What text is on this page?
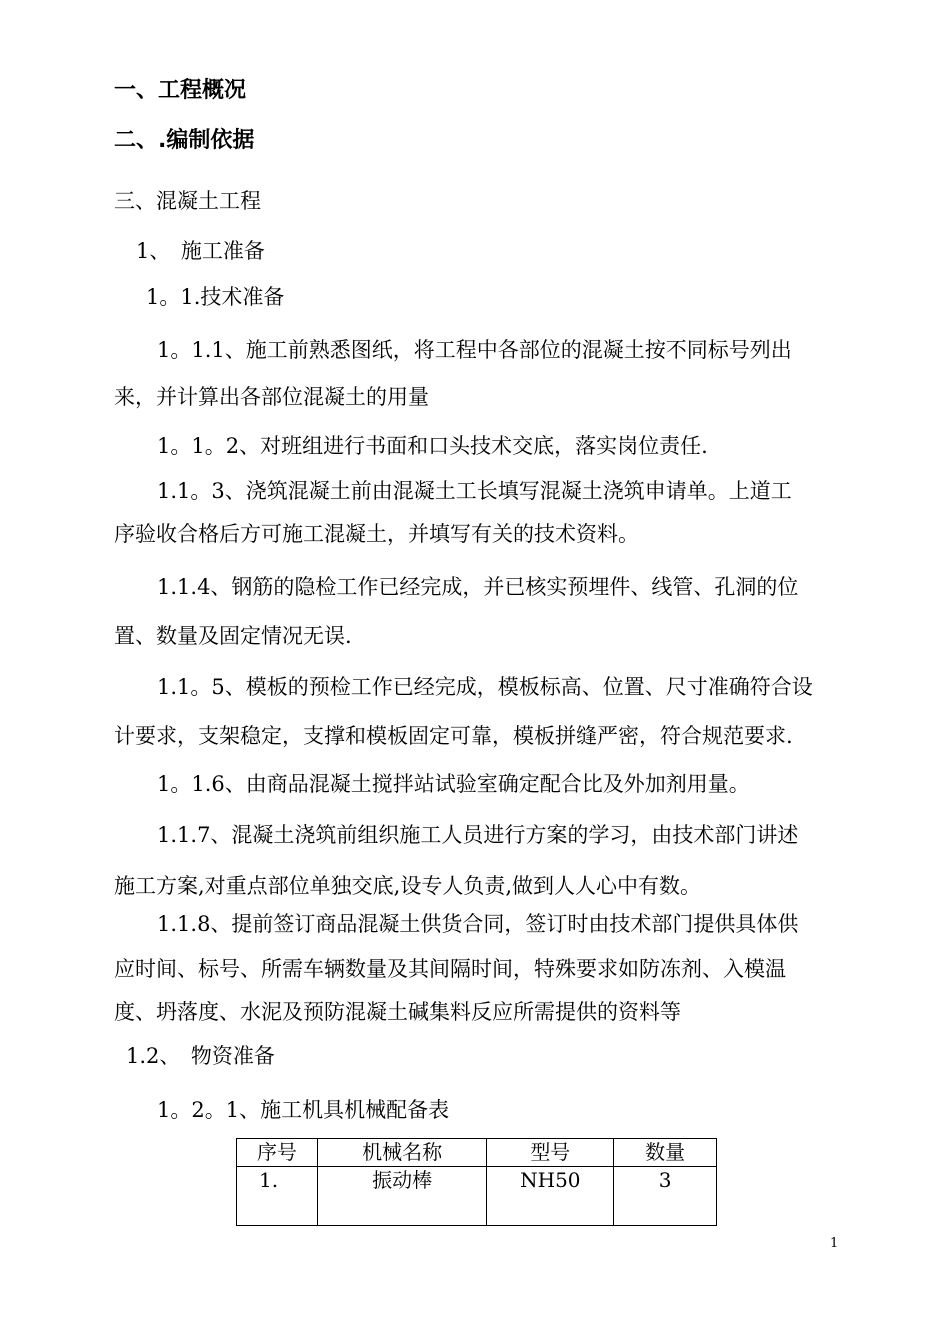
一、工程概况
二、.编制依据
三、混凝土工程
1、　施工准备
1。1.技术准备
1。1.1、施工前熟悉图纸，将工程中各部位的混凝土按不同标号列出
来，并计算出各部位混凝土的用量
1。1。2、对班组进行书面和口头技术交底，落实岗位责任.
1.1。3、浇筑混凝土前由混凝土工长填写混凝土浇筑申请单。上道工
序验收合格后方可施工混凝土，并填写有关的技术资料。
1.1.4、钢筋的隐检工作已经完成，并已核实预埋件、线管、孔洞的位
置、数量及固定情况无误.
1.1。5、模板的预检工作已经完成，模板标高、位置、尺寸准确符合设
计要求，支架稳定，支撑和模板固定可靠，模板拼缝严密，符合规范要求.
1。1.6、由商品混凝土搅拌站试验室确定配合比及外加剂用量。
1.1.7、混凝土浇筑前组织施工人员进行方案的学习，由技术部门讲述
施工方案,对重点部位单独交底,设专人负责,做到人人心中有数。
1.1.8、提前签订商品混凝土供货合同，签订时由技术部门提供具体供
应时间、标号、所需车辆数量及其间隔时间，特殊要求如防冻剂、入模温
度、坍落度、水泥及预防混凝土碱集料反应所需提供的资料等
1.2、　物资准备
1。2。1、施工机具机械配备表
序号	机械名称	型号	数量
1.	振动棒	NH50	3
1
